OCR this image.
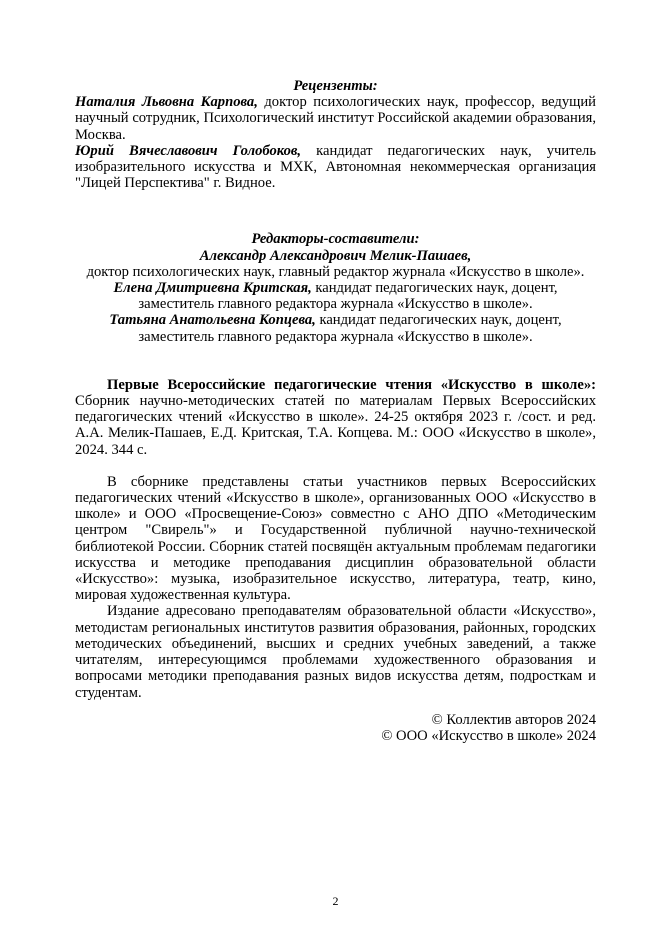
Рецензенты:

Наталия Львовна Карпова, доктор психологических наук, профессор, ведущий научный сотрудник, Психологический институт Российской академии образования, Москва.

Юрий Вячеславович Голобоков, кандидат педагогических наук, учитель изобразительного искусства и МХК, Автономная некоммерческая организация "Лицей Перспектива" г. Видное.

Редакторы-составители:

Александр Александрович Мелик-Пашаев,

доктор психологических наук, главный редактор журнала «Искусство в школе».

Елена Дмитриевна Критская, кандидат педагогических наук, доцент,

заместитель главного редактора журнала «Искусство в школе».

Татьяна Анатольевна Копцева, кандидат педагогических наук, доцент,

заместитель главного редактора журнала «Искусство в школе».

Первые Всероссийские педагогические чтения «Искусство в школе»: Сборник научно-методических статей по материалам Первых Всероссийских педагогических чтений «Искусство в школе». 24-25 октября 2023 г. /сост. и ред. А.А. Мелик-Пашаев, Е.Д. Критская, Т.А. Копцева. М.: ООО «Искусство в школе», 2024. 344 с.

В сборнике представлены статьи участников первых Всероссийских педагогических чтений «Искусство в школе», организованных ООО «Искусство в школе» и ООО «Просвещение-Союз» совместно с АНО ДПО «Методическим центром "Свирель"» и Государственной публичной научно-технической библиотекой России. Сборник статей посвящён актуальным проблемам педагогики искусства и методике преподавания дисциплин образовательной области «Искусство»: музыка, изобразительное искусство, литература, театр, кино, мировая художественная культура.

Издание адресовано преподавателям образовательной области «Искусство», методистам региональных институтов развития образования, районных, городских методических объединений, высших и средних учебных заведений, а также читателям, интересующимся проблемами художественного образования и вопросами методики преподавания разных видов искусства детям, подросткам и студентам.

© Коллектив авторов 2024

© ООО «Искусство в школе» 2024

2
